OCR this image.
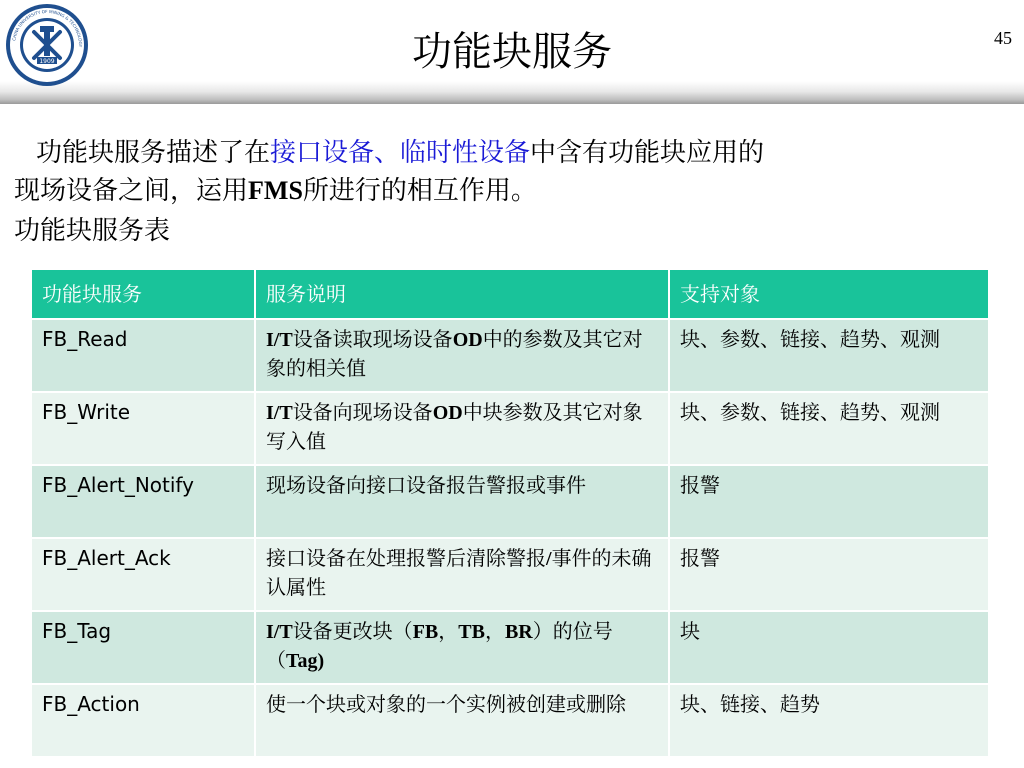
1909
CHINA UNIVERSITY OF MINING & TECHNOLOGY	功能块服务	45

功能块服务描述了在接口设备、临时性设备中含有功能块应用的
现场设备之间，运用FMS所进行的相互作用。

功能块服务表

功能块服务	服务说明	支持对象
FB_Read	I/T设备读取现场设备OD中的参数及其它对象的相关值	块、参数、链接、趋势、观测
FB_Write	I/T设备向现场设备OD中块参数及其它对象写入值	块、参数、链接、趋势、观测
FB_Alert_Notify	现场设备向接口设备报告警报或事件	报警
FB_Alert_Ack	接口设备在处理报警后清除警报/事件的未确认属性	报警
FB_Tag	I/T设备更改块（FB，TB，BR）的位号（Tag)	块
FB_Action	使一个块或对象的一个实例被创建或删除	块、链接、趋势
